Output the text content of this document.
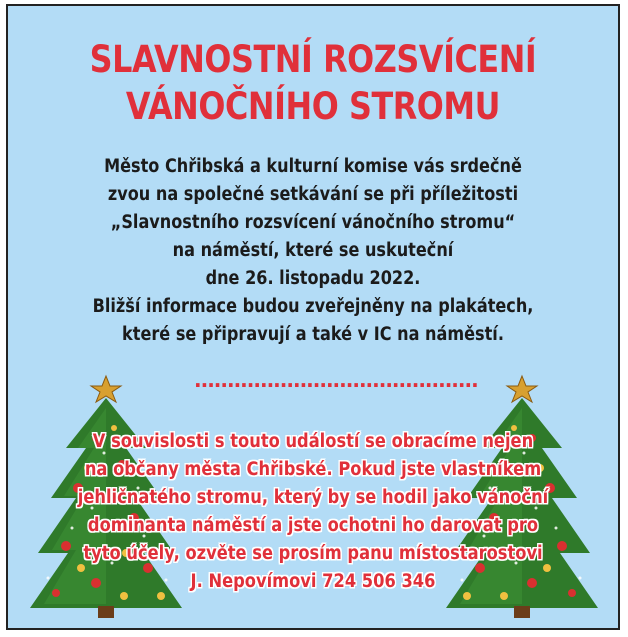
SLAVNOSTNÍ ROZSVÍCENÍ
VÁNOČNÍHO STROMU
Město Chřibská a kulturní komise vás srdečně
zvou na společné setkávání se při příležitosti
„Slavnostního rozsvícení vánočního stromu“
na náměstí, které se uskuteční
dne 26. listopadu 2022.
Bližší informace budou zveřejněny na plakátech,
které se připravují a také v IC na náměstí.
...........................................
V souvislosti s touto událostí se obracíme nejen
na občany města Chřibské. Pokud jste vlastníkem
jehličnatého stromu, který by se hodil jako vánoční
dominanta náměstí a jste ochotni ho darovat pro
tyto účely, ozvěte se prosím panu místostarostovi
J. Nepovímovi 724 506 346
